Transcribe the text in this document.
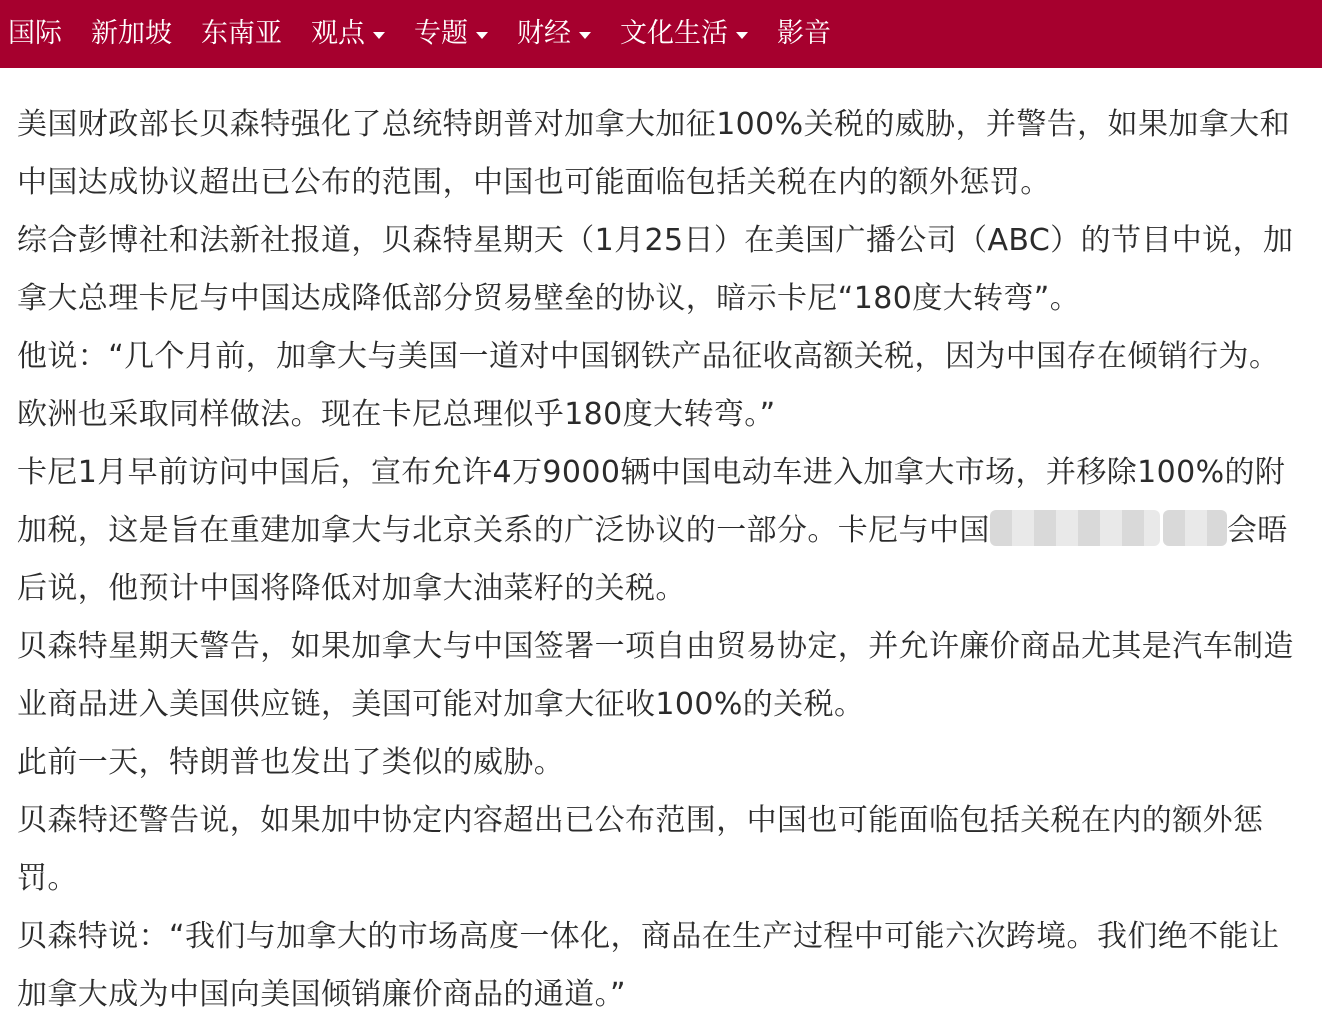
国际 新加坡 东南亚 观点 专题 财经 文化生活 影音

美国财政部长贝森特强化了总统特朗普对加拿大加征100%关税的威胁，并警告，如果加拿大和中国达成协议超出已公布的范围，中国也可能面临包括关税在内的额外惩罚。

综合彭博社和法新社报道，贝森特星期天（1月25日）在美国广播公司（ABC）的节目中说，加拿大总理卡尼与中国达成降低部分贸易壁垒的协议，暗示卡尼“180度大转弯”。

他说：“几个月前，加拿大与美国一道对中国钢铁产品征收高额关税，因为中国存在倾销行为。欧洲也采取同样做法。现在卡尼总理似乎180度大转弯。”

卡尼1月早前访问中国后，宣布允许4万9000辆中国电动车进入加拿大市场，并移除100%的附加税，这是旨在重建加拿大与北京关系的广泛协议的一部分。卡尼与中国	会晤后说，他预计中国将降低对加拿大油菜籽的关税。

贝森特星期天警告，如果加拿大与中国签署一项自由贸易协定，并允许廉价商品尤其是汽车制造业商品进入美国供应链，美国可能对加拿大征收100%的关税。

此前一天，特朗普也发出了类似的威胁。

贝森特还警告说，如果加中协定内容超出已公布范围，中国也可能面临包括关税在内的额外惩罚。

贝森特说：“我们与加拿大的市场高度一体化，商品在生产过程中可能六次跨境。我们绝不能让加拿大成为中国向美国倾销廉价商品的通道。”
